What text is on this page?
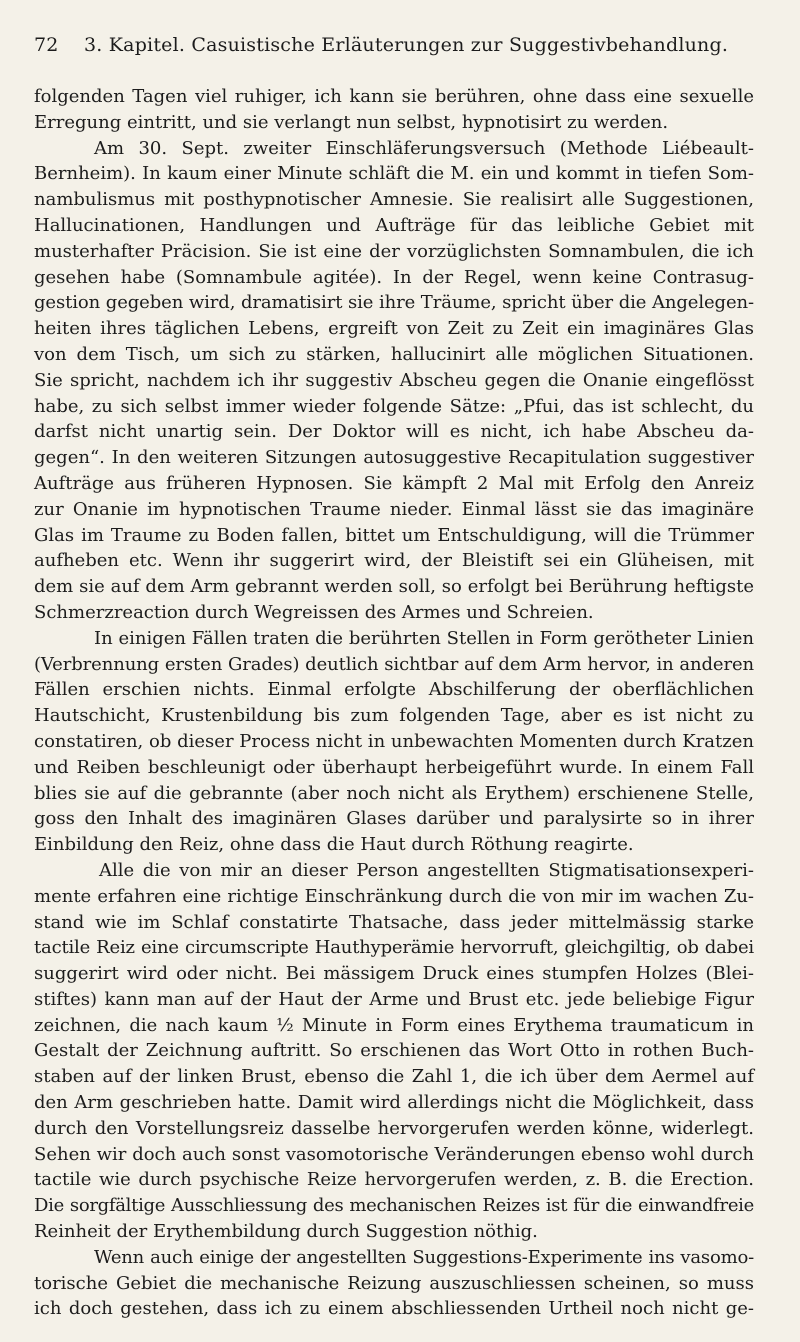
72 3. Kapitel. Casuistische Erläuterungen zur Suggestivbehandlung.
folgenden Tagen viel ruhiger, ich kann sie berühren, ohne dass eine sexuelle
Erregung eintritt, und sie verlangt nun selbst, hypnotisirt zu werden.
Am 30. Sept. zweiter Einschläferungsversuch (Methode Liébeault-
Bernheim). In kaum einer Minute schläft die M. ein und kommt in tiefen Som-
nambulismus mit posthypnotischer Amnesie. Sie realisirt alle Suggestionen,
Hallucinationen, Handlungen und Aufträge für das leibliche Gebiet mit
musterhafter Präcision. Sie ist eine der vorzüglichsten Somnambulen, die ich
gesehen habe (Somnambule agitée). In der Regel, wenn keine Contrasug-
gestion gegeben wird, dramatisirt sie ihre Träume, spricht über die Angelegen-
heiten ihres täglichen Lebens, ergreift von Zeit zu Zeit ein imaginäres Glas
von dem Tisch, um sich zu stärken, hallucinirt alle möglichen Situationen.
Sie spricht, nachdem ich ihr suggestiv Abscheu gegen die Onanie eingeflösst
habe, zu sich selbst immer wieder folgende Sätze: „Pfui, das ist schlecht, du
darfst nicht unartig sein. Der Doktor will es nicht, ich habe Abscheu da-
gegen“. In den weiteren Sitzungen autosuggestive Recapitulation suggestiver
Aufträge aus früheren Hypnosen. Sie kämpft 2 Mal mit Erfolg den Anreiz
zur Onanie im hypnotischen Traume nieder. Einmal lässt sie das imaginäre
Glas im Traume zu Boden fallen, bittet um Entschuldigung, will die Trümmer
aufheben etc. Wenn ihr suggerirt wird, der Bleistift sei ein Glüheisen, mit
dem sie auf dem Arm gebrannt werden soll, so erfolgt bei Berührung heftigste
Schmerzreaction durch Wegreissen des Armes und Schreien.
In einigen Fällen traten die berührten Stellen in Form gerötheter Linien
(Verbrennung ersten Grades) deutlich sichtbar auf dem Arm hervor, in anderen
Fällen erschien nichts. Einmal erfolgte Abschilferung der oberflächlichen
Hautschicht, Krustenbildung bis zum folgenden Tage, aber es ist nicht zu
constatiren, ob dieser Process nicht in unbewachten Momenten durch Kratzen
und Reiben beschleunigt oder überhaupt herbeigeführt wurde. In einem Fall
blies sie auf die gebrannte (aber noch nicht als Erythem) erschienene Stelle,
goss den Inhalt des imaginären Glases darüber und paralysirte so in ihrer
Einbildung den Reiz, ohne dass die Haut durch Röthung reagirte.
Alle die von mir an dieser Person angestellten Stigmatisationsexperi-
mente erfahren eine richtige Einschränkung durch die von mir im wachen Zu-
stand wie im Schlaf constatirte Thatsache, dass jeder mittelmässig starke
tactile Reiz eine circumscripte Hauthyperämie hervorruft, gleichgiltig, ob dabei
suggerirt wird oder nicht. Bei mässigem Druck eines stumpfen Holzes (Blei-
stiftes) kann man auf der Haut der Arme und Brust etc. jede beliebige Figur
zeichnen, die nach kaum ½ Minute in Form eines Erythema traumaticum in
Gestalt der Zeichnung auftritt. So erschienen das Wort Otto in rothen Buch-
staben auf der linken Brust, ebenso die Zahl 1, die ich über dem Aermel auf
den Arm geschrieben hatte. Damit wird allerdings nicht die Möglichkeit, dass
durch den Vorstellungsreiz dasselbe hervorgerufen werden könne, widerlegt.
Sehen wir doch auch sonst vasomotorische Veränderungen ebenso wohl durch
tactile wie durch psychische Reize hervorgerufen werden, z. B. die Erection.
Die sorgfältige Ausschliessung des mechanischen Reizes ist für die einwandfreie
Reinheit der Erythembildung durch Suggestion nöthig.
Wenn auch einige der angestellten Suggestions-Experimente ins vasomo-
torische Gebiet die mechanische Reizung auszuschliessen scheinen, so muss
ich doch gestehen, dass ich zu einem abschliessenden Urtheil noch nicht ge-
